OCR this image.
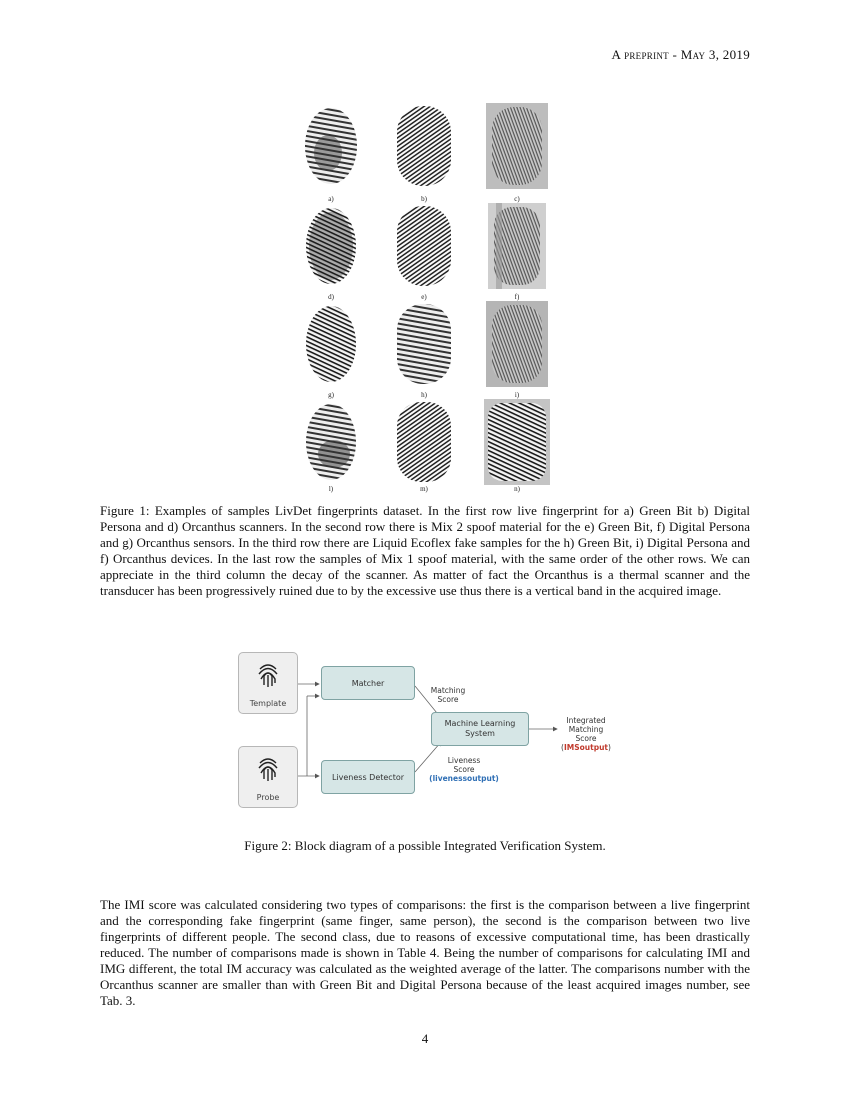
A preprint - May 3, 2019
a)	b)	c)
d)	e)	f)
g)	h)	i)
l)	m)	n)
Figure 1: Examples of samples LivDet fingerprints dataset. In the first row live fingerprint for a) Green Bit b) Digital Persona and d) Orcanthus scanners. In the second row there is Mix 2 spoof material for the e) Green Bit, f) Digital Persona and g) Orcanthus sensors. In the third row there are Liquid Ecoflex fake samples for the h) Green Bit, i) Digital Persona and f) Orcanthus devices. In the last row the samples of Mix 1 spoof material, with the same order of the other rows. We can appreciate in the third column the decay of the scanner. As matter of fact the Orcanthus is a thermal scanner and the transducer has been progressively ruined due to by the excessive use thus there is a vertical band in the acquired image.
Template
Probe
Matcher
Liveness Detector
Machine Learning
System
Matching
Score
Liveness
Score
(livenessoutput)
Integrated
Matching
Score
(IMSoutput)
Figure 2: Block diagram of a possible Integrated Verification System.
The IMI score was calculated considering two types of comparisons: the first is the comparison between a live fingerprint and the corresponding fake fingerprint (same finger, same person), the second is the comparison between two live fingerprints of different people. The second class, due to reasons of excessive computational time, has been drastically reduced. The number of comparisons made is shown in Table 4. Being the number of comparisons for calculating IMI and IMG different, the total IM accuracy was calculated as the weighted average of the latter. The comparisons number with the Orcanthus scanner are smaller than with Green Bit and Digital Persona because of the least acquired images number, see Tab. 3.
4
